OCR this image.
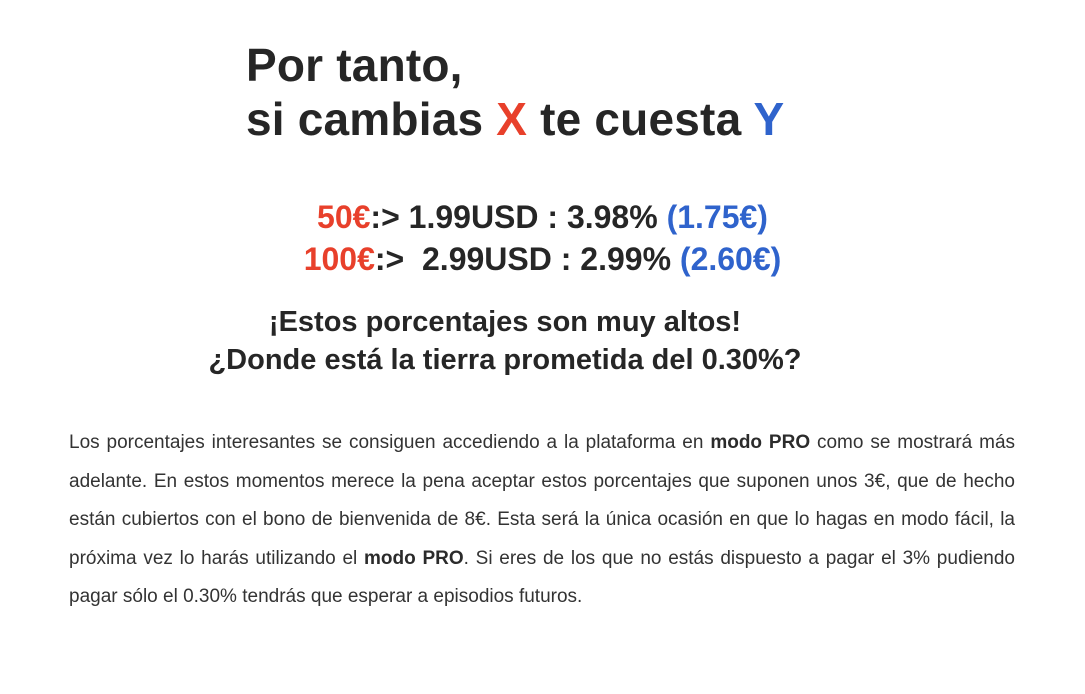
Por tanto,
si cambias X te cuesta Y
50€:> 1.99USD : 3.98% (1.75€)
100€:>  2.99USD : 2.99% (2.60€)
¡Estos porcentajes son muy altos!
¿Donde está la tierra prometida del 0.30%?
Los porcentajes interesantes se consiguen accediendo a la plataforma en modo PRO como se mostrará más adelante. En estos momentos merece la pena aceptar estos porcentajes que suponen unos 3€, que de hecho están cubiertos con el bono de bienvenida de 8€. Esta será la única ocasión en que lo hagas en modo fácil, la próxima vez lo harás utilizando el modo PRO. Si eres de los que no estás dispuesto a pagar el 3% pudiendo pagar sólo el 0.30% tendrás que esperar a episodios futuros.
